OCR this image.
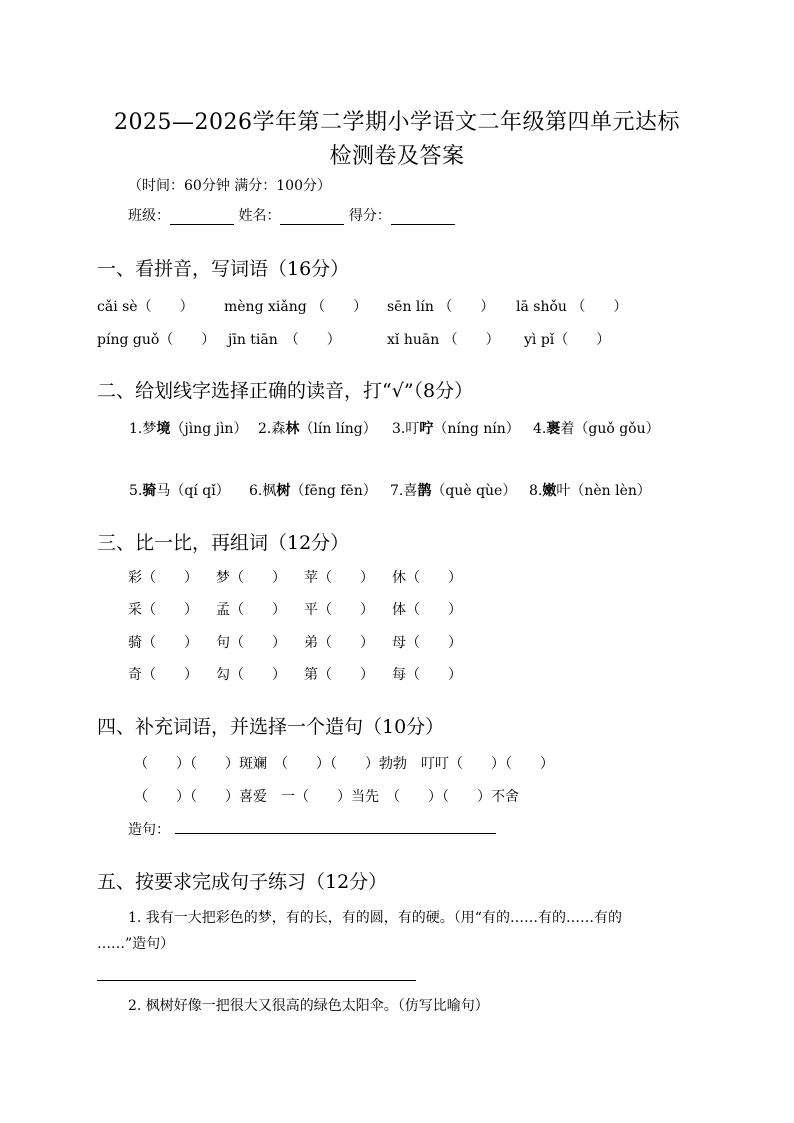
2025—2026学年第二学期小学语文二年级第四单元达标
检测卷及答案
（时间：60分钟 满分：100分）
班级：	姓名：	得分：
一、看拼音，写词语（16分）
cǎi sè（　　） mèng xiǎng （　　） sēn lín （　　） lā shǒu （　　）
píng guǒ（　　） jīn tiān　（　　）	xǐ huān （　　） yì pǐ（　　）
二、给划线字选择正确的读音，打“√”（8分）
1.梦境（jìng jìn） 2.森林（lín líng） 3.叮咛（níng nín） 4.裹着（guǒ gǒu）
5.骑马（qí qǐ） 6.枫树（fēng fēn） 7.喜鹊（què qùe） 8.嫩叶（nèn lèn）
三、比一比，再组词（12分）
彩（　　） 梦（　　） 苹（　　） 休（　　）
采（　　） 孟（　　） 平（　　） 体（　　）
骑（　　） 句（　　） 弟（　　） 母（　　）
奇（　　） 勾（　　） 第（　　） 每（　　）
四、补充词语，并选择一个造句（10分）
（　　）（　　）斑斓　（　　）（　　）勃勃　叮叮（　　）（　　）
（　　）（　　）喜爱　一（　　）当先　（　　）（　　）不舍
造句：
五、按要求完成句子练习（12分）
1. 我有一大把彩色的梦，有的长，有的圆，有的硬。（用“有的……有的……有的
……”造句）
2. 枫树好像一把很大又很高的绿色太阳伞。（仿写比喻句）
